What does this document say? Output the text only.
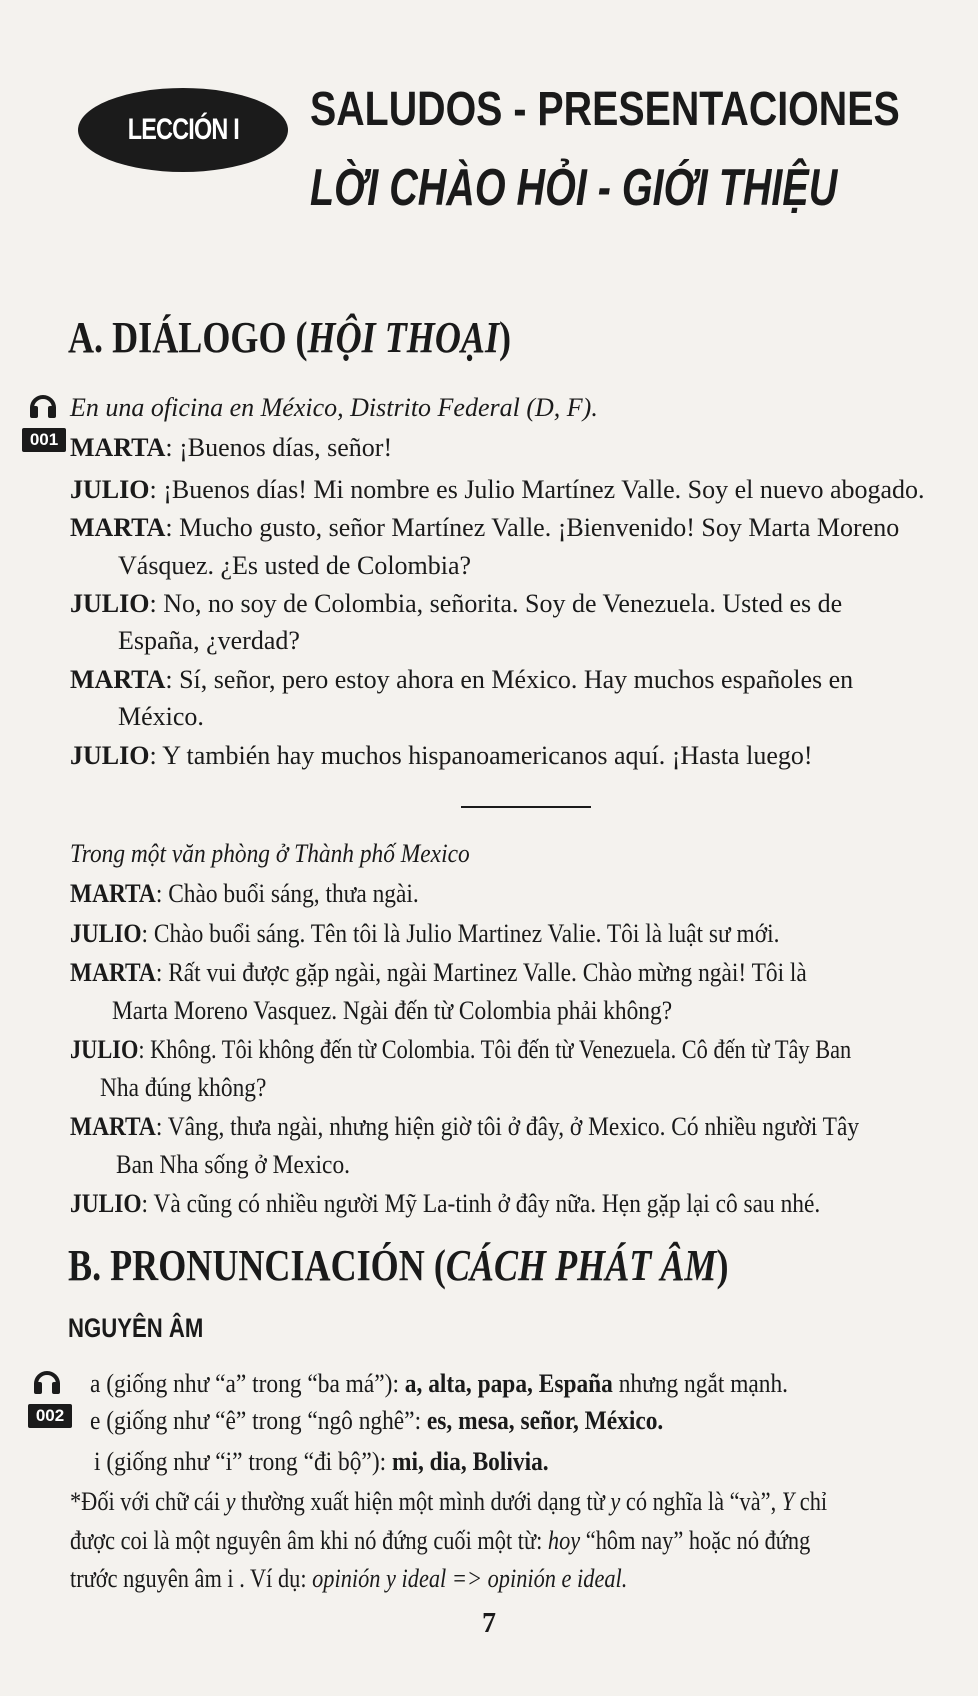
LECCIÓN I SALUDOS - PRESENTACIONES
LỜI CHÀO HỎI - GIỚI THIỆU
A. DIÁLOGO (HỘI THOẠI)
001
En una oficina en México, Distrito Federal (D, F).
MARTA: ¡Buenos días, señor!
JULIO: ¡Buenos días! Mi nombre es Julio Martínez Valle. Soy el nuevo abogado.
MARTA: Mucho gusto, señor Martínez Valle. ¡Bienvenido! Soy Marta Moreno
Vásquez. ¿Es usted de Colombia?
JULIO: No, no soy de Colombia, señorita. Soy de Venezuela. Usted es de
España, ¿verdad?
MARTA: Sí, señor, pero estoy ahora en México. Hay muchos españoles en
México.
JULIO: Y también hay muchos hispanoamericanos aquí. ¡Hasta luego!
Trong một văn phòng ở Thành phố Mexico
MARTA: Chào buổi sáng, thưa ngài.
JULIO: Chào buổi sáng. Tên tôi là Julio Martinez Valie. Tôi là luật sư mới.
MARTA: Rất vui được gặp ngài, ngài Martinez Valle. Chào mừng ngài! Tôi là
Marta Moreno Vasquez. Ngài đến từ Colombia phải không?
JULIO: Không. Tôi không đến từ Colombia. Tôi đến từ Venezuela. Cô đến từ Tây Ban
Nha đúng không?
MARTA: Vâng, thưa ngài, nhưng hiện giờ tôi ở đây, ở Mexico. Có nhiều người Tây
Ban Nha sống ở Mexico.
JULIO: Và cũng có nhiều người Mỹ La-tinh ở đây nữa. Hẹn gặp lại cô sau nhé.
B. PRONUNCIACIÓN (CÁCH PHÁT ÂM)
NGUYÊN ÂM
002
a (giống như “a” trong “ba má”): a, alta, papa, España nhưng ngắt mạnh.
e (giống như “ê” trong “ngô nghê”: es, mesa, señor, México.
i (giống như “i” trong “đi bộ”): mi, dia, Bolivia.
*Đối với chữ cái y thường xuất hiện một mình dưới dạng từ y có nghĩa là “và”, Y chỉ
được coi là một nguyên âm khi nó đứng cuối một từ: hoy “hôm nay” hoặc nó đứng
trước nguyên âm i . Ví dụ: opinión y ideal => opinión e ideal.
7
